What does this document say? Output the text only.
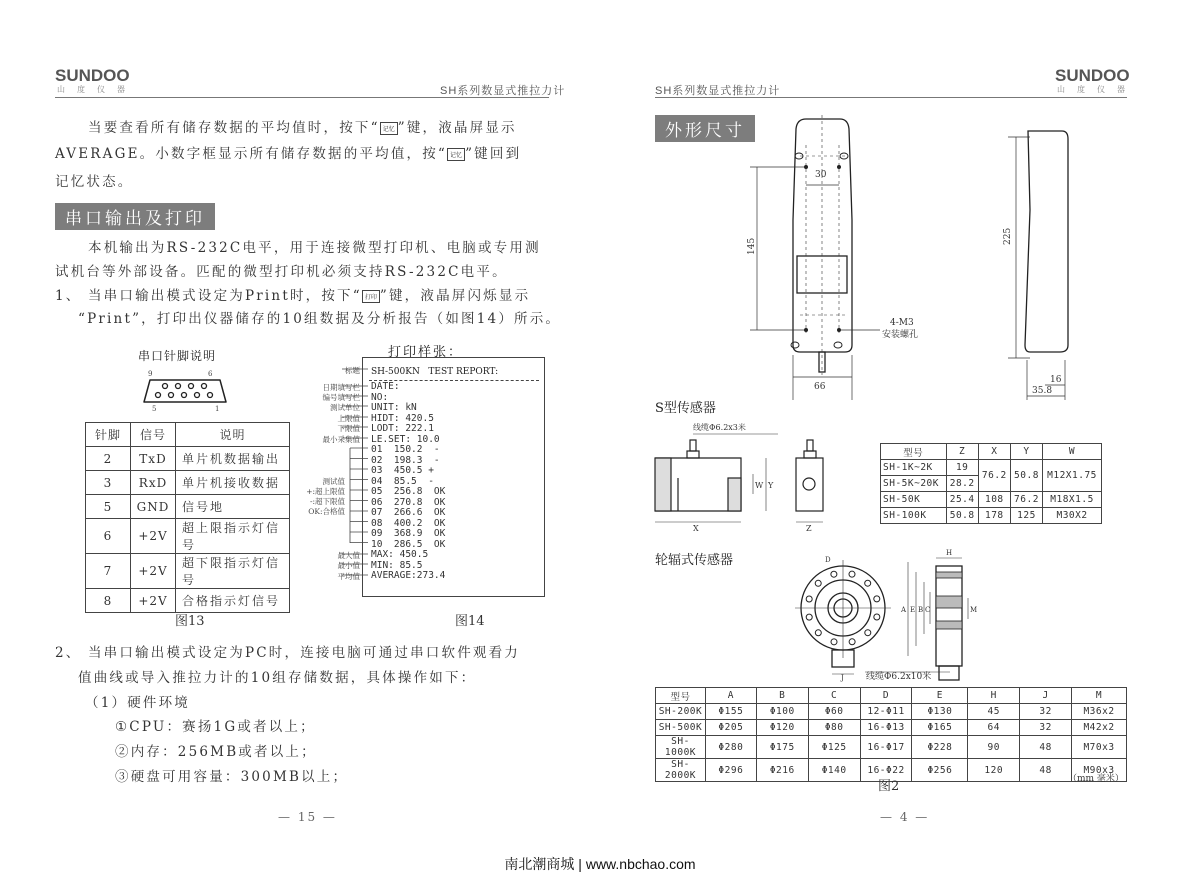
SUNDOO
山度仪器	SH系列数显式推拉力计
当要查看所有储存数据的平均值时，按下“ 记忆 ”键，液晶屏显示
AVERAGE。小数字框显示所有储存数据的平均值，按“ 记忆 ”键回到
记忆状态。
串口输出及打印
本机输出为RS-232C电平，用于连接微型打印机、电脑或专用测
试机台等外部设备。匹配的微型打印机必须支持RS-232C电平。
1、 当串口输出模式设定为Print时，按下“ 打印 ”键，液晶屏闪烁显示
“Print”，打印出仪器储存的10组数据及分析报告（如图14）所示。
串口针脚说明
9	6
5	1
针脚	信号	说明
2	TxD	单片机数据输出
3	RxD	单片机接收数据
5	GND	信号地
6	+2V	超上限指示灯信号
7	+2V	超下限指示灯信号
8	+2V	合格指示灯信号
图13	图14
打印样张：
SH-500KN   TEST REPORT:
DATE:
NO:
UNIT: kN
HIDT: 420.5
LODT: 222.1
LE.SET: 10.0
01  150.2  -
02  198.3  -
03  450.5 +
04  85.5  -
05  256.8  OK
06  270.8  OK
07  266.6  OK
08  400.2  OK
09  368.9  OK
10  286.5  OK
MAX: 450.5
MIN: 85.5
AVERAGE:273.4
标题
日期填写栏
编号填写栏
测试单位
上限值
下限值
最小采集值
测试值
+:超上限值
-:超下限值
OK:合格值
最大值
最小值
平均值
2、 当串口输出模式设定为PC时，连接电脑可通过串口软件观看力
值曲线或导入推拉力计的10组存储数据，具体操作如下：
（1）硬件环境
①CPU：赛扬1G或者以上；
②内存：256MB或者以上；
③硬盘可用容量：300MB以上；
— 15 —
SH系列数显式推拉力计
SUNDOO
山度仪器
外形尺寸
30
145
66
4-M3
安装螺孔
225
16
35.8
S型传感器
线缆Φ6.2x3米
X
Y
W
Z
型号	Z	X	Y	W
SH-1K~2K	19	76.2	50.8	M12X1.75
SH-5K~20K	28.2			
SH-50K	25.4	108	76.2	M18X1.5
SH-100K	50.8	178	125	M30X2
轮辐式传感器	D
H
J
A E B C	M
线缆Φ6.2x10米
型号	A	B	C	D	E	H	J	M
SH-200K	Φ155	Φ100	Φ60	12-Φ11	Φ130	45	32	M36x2
SH-500K	Φ205	Φ120	Φ80	16-Φ13	Φ165	64	32	M42x2
SH-1000K	Φ280	Φ175	Φ125	16-Φ17	Φ228	90	48	M70x3
SH-2000K	Φ296	Φ216	Φ140	16-Φ22	Φ256	120	48	M90x3
（mm 毫米）
图2
— 4 —
南北潮商城 | www.nbchao.com
